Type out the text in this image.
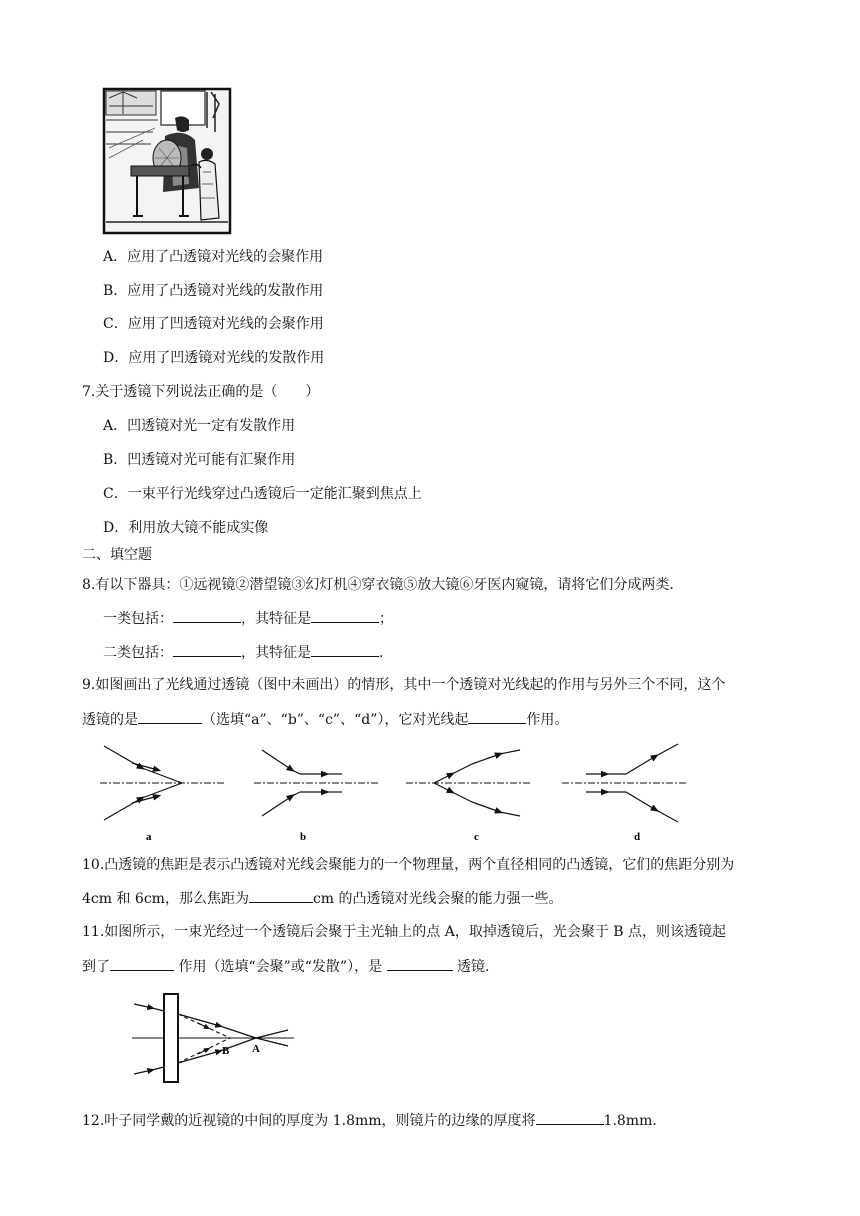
A．应用了凸透镜对光线的会聚作用
B．应用了凸透镜对光线的发散作用
C．应用了凹透镜对光线的会聚作用
D．应用了凹透镜对光线的发散作用
7.关于透镜下列说法正确的是（　　）
A．凹透镜对光一定有发散作用
B．凹透镜对光可能有汇聚作用
C．一束平行光线穿过凸透镜后一定能汇聚到焦点上
D．利用放大镜不能成实像
二、填空题
8.有以下器具：①远视镜②潜望镜③幻灯机④穿衣镜⑤放大镜⑥牙医内窥镜，请将它们分成两类.
一类包括：	，其特征是	；
二类包括：	，其特征是	.
9.如图画出了光线通过透镜（图中未画出）的情形，其中一个透镜对光线起的作用与另外三个不同，这个
透镜的是	（选填“a”、“b”、“c”、“d”），它对光线起	作用。
a	b	c	d
10.凸透镜的焦距是表示凸透镜对光线会聚能力的一个物理量，两个直径相同的凸透镜，它们的焦距分别为
4cm 和 6cm，那么焦距为	cm 的凸透镜对光线会聚的能力强一些。
11.如图所示，一束光经过一个透镜后会聚于主光轴上的点 A，取掉透镜后，光会聚于 B 点，则该透镜起
到了	作用（选填“会聚”或“发散”），是	透镜.
B A
12.叶子同学戴的近视镜的中间的厚度为 1.8mm，则镜片的边缘的厚度将	1.8mm.
